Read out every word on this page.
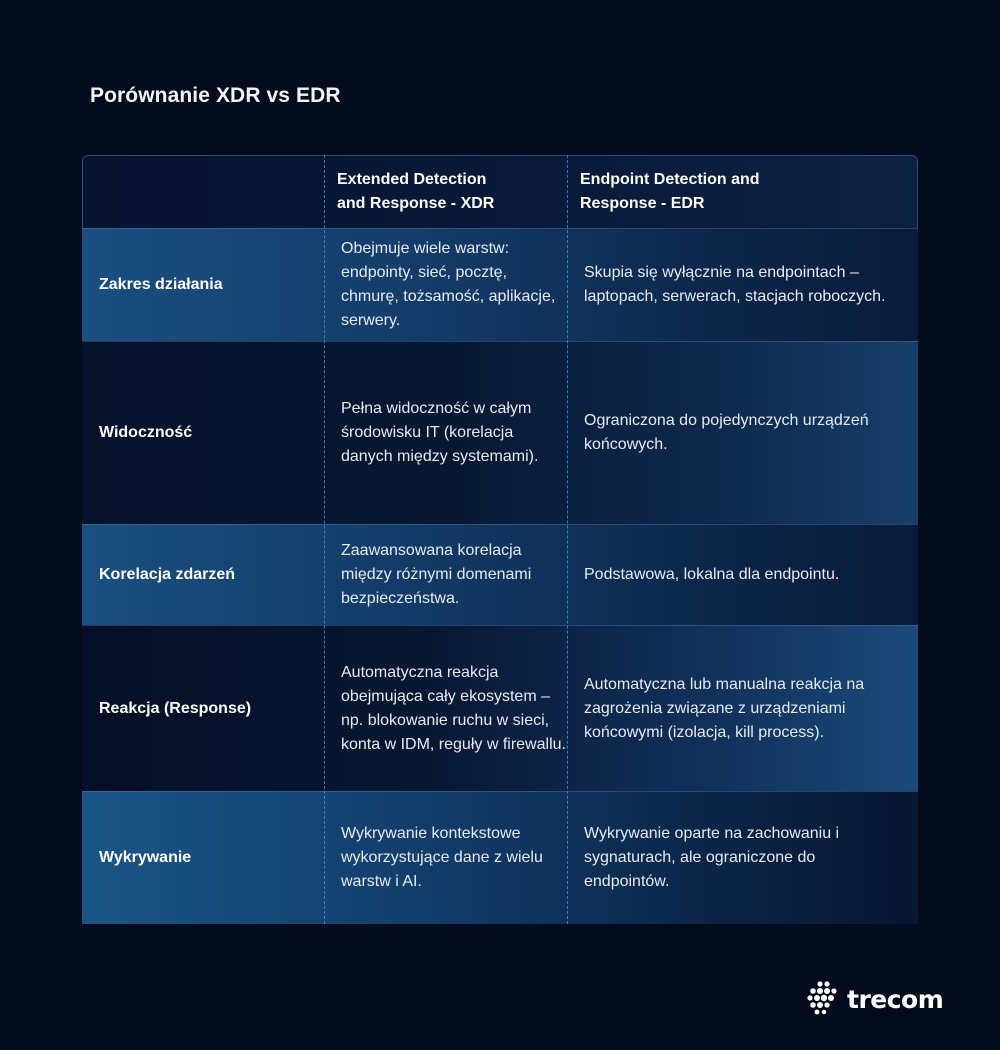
Porównanie XDR vs EDR
Extended Detection and Response - XDR
Endpoint Detection and Response - EDR
Zakres działania
Obejmuje wiele warstw: endpointy, sieć, pocztę, chmurę, tożsamość, aplikacje, serwery.
Skupia się wyłącznie na endpointach – laptopach, serwerach, stacjach roboczych.
Widoczność
Pełna widoczność w całym środowisku IT (korelacja danych między systemami).
Ograniczona do pojedynczych urządzeń końcowych.
Korelacja zdarzeń
Zaawansowana korelacja między różnymi domenami bezpieczeństwa.
Podstawowa, lokalna dla endpointu.
Reakcja (Response)
Automatyczna reakcja obejmująca cały ekosystem – np. blokowanie ruchu w sieci, konta w IDM, reguły w firewallu.
Automatyczna lub manualna reakcja na zagrożenia związane z urządzeniami końcowymi (izolacja, kill process).
Wykrywanie
Wykrywanie kontekstowe wykorzystujące dane z wielu warstw i AI.
Wykrywanie oparte na zachowaniu i sygnaturach, ale ograniczone do endpointów.
trecom
